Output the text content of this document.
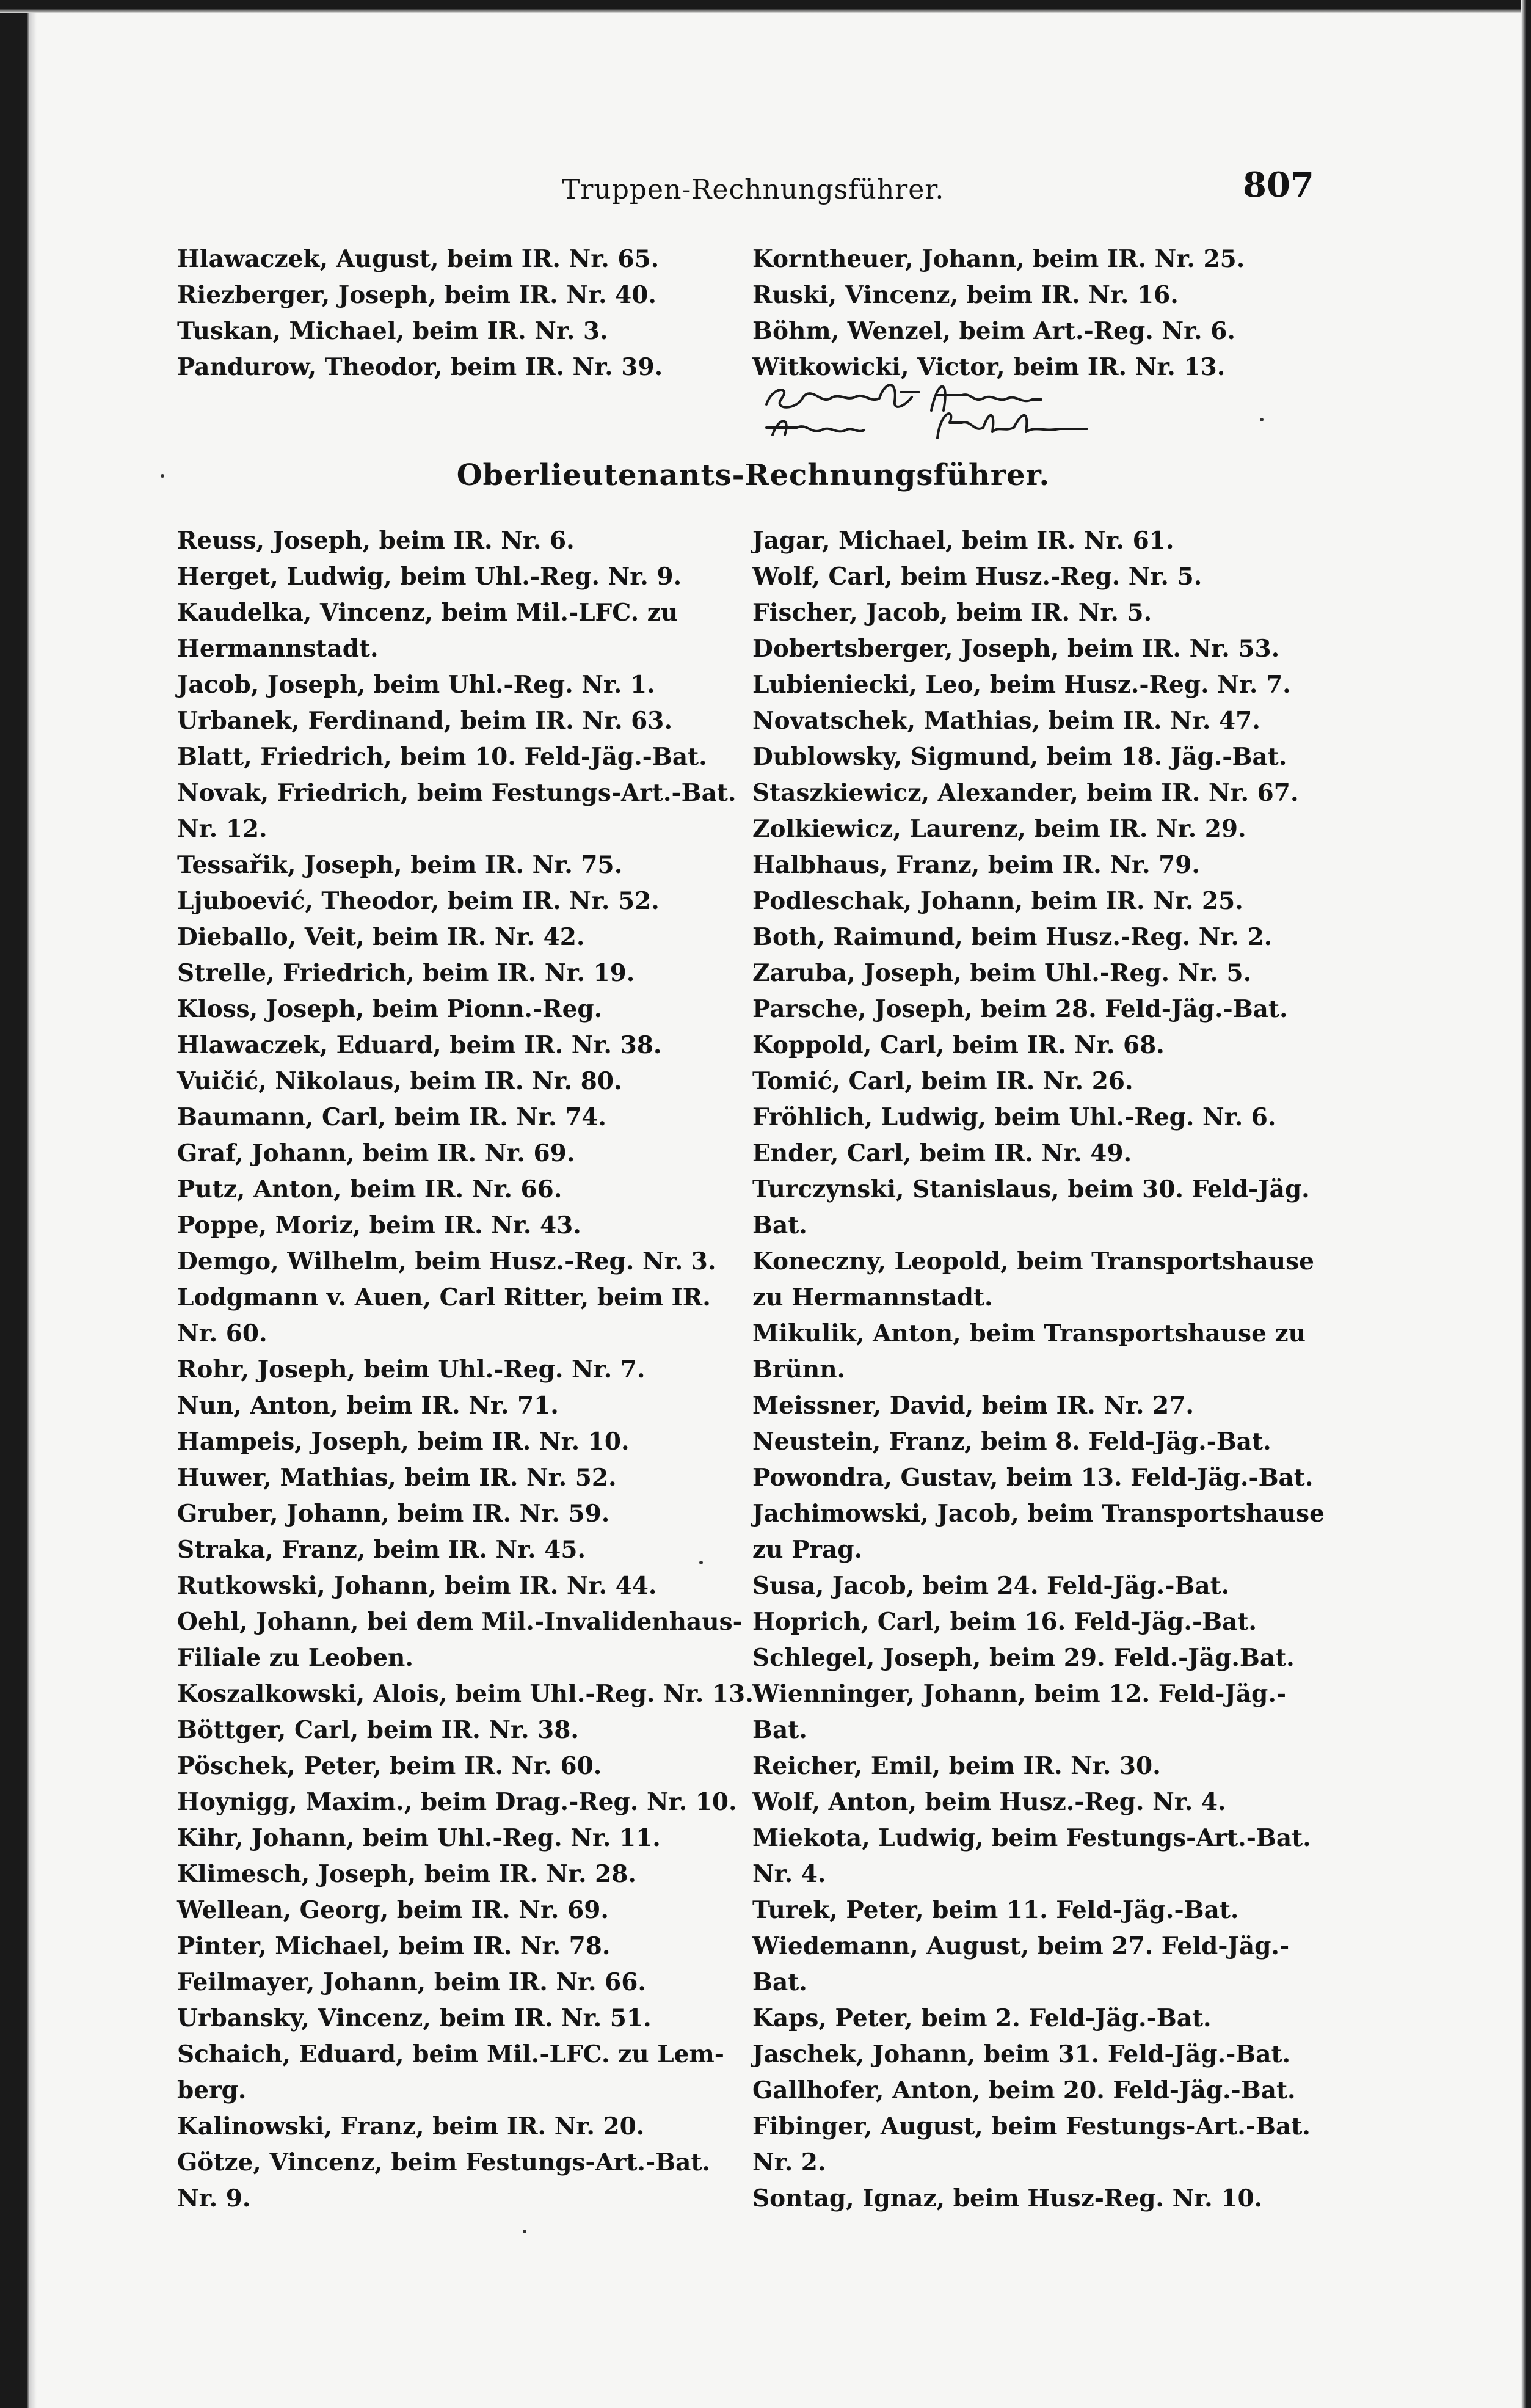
Truppen-Rechnungsführer.	807

Hlawaczek, August, beim IR. Nr. 65.

Riezberger, Joseph, beim IR. Nr. 40.

Tuskan, Michael, beim IR. Nr. 3.

Pandurow, Theodor, beim IR. Nr. 39.

Korntheuer, Johann, beim IR. Nr. 25.

Ruski, Vincenz, beim IR. Nr. 16.

Böhm, Wenzel, beim Art.-Reg. Nr. 6.

Witkowicki, Victor, beim IR. Nr. 13.

Oberlieutenants-Rechnungsführer.

Reuss, Joseph, beim IR. Nr. 6.

Herget, Ludwig, beim Uhl.-Reg. Nr. 9.

Kaudelka, Vincenz, beim Mil.-LFC. zu

Hermannstadt.

Jacob, Joseph, beim Uhl.-Reg. Nr. 1.

Urbanek, Ferdinand, beim IR. Nr. 63.

Blatt, Friedrich, beim 10. Feld-Jäg.-Bat.

Novak, Friedrich, beim Festungs-Art.-Bat.

Nr. 12.

Tessařik, Joseph, beim IR. Nr. 75.

Ljuboević, Theodor, beim IR. Nr. 52.

Dieballo, Veit, beim IR. Nr. 42.

Strelle, Friedrich, beim IR. Nr. 19.

Kloss, Joseph, beim Pionn.-Reg.

Hlawaczek, Eduard, beim IR. Nr. 38.

Vuičić, Nikolaus, beim IR. Nr. 80.

Baumann, Carl, beim IR. Nr. 74.

Graf, Johann, beim IR. Nr. 69.

Putz, Anton, beim IR. Nr. 66.

Poppe, Moriz, beim IR. Nr. 43.

Demgo, Wilhelm, beim Husz.-Reg. Nr. 3.

Lodgmann v. Auen, Carl Ritter, beim IR.

Nr. 60.

Rohr, Joseph, beim Uhl.-Reg. Nr. 7.

Nun, Anton, beim IR. Nr. 71.

Hampeis, Joseph, beim IR. Nr. 10.

Huwer, Mathias, beim IR. Nr. 52.

Gruber, Johann, beim IR. Nr. 59.

Straka, Franz, beim IR. Nr. 45.

Rutkowski, Johann, beim IR. Nr. 44.

Oehl, Johann, bei dem Mil.-Invalidenhaus-

Filiale zu Leoben.

Koszalkowski, Alois, beim Uhl.-Reg. Nr. 13.

Böttger, Carl, beim IR. Nr. 38.

Pöschek, Peter, beim IR. Nr. 60.

Hoynigg, Maxim., beim Drag.-Reg. Nr. 10.

Kihr, Johann, beim Uhl.-Reg. Nr. 11.

Klimesch, Joseph, beim IR. Nr. 28.

Wellean, Georg, beim IR. Nr. 69.

Pinter, Michael, beim IR. Nr. 78.

Feilmayer, Johann, beim IR. Nr. 66.

Urbansky, Vincenz, beim IR. Nr. 51.

Schaich, Eduard, beim Mil.-LFC. zu Lem-

berg.

Kalinowski, Franz, beim IR. Nr. 20.

Götze, Vincenz, beim Festungs-Art.-Bat.

Nr. 9.

Jagar, Michael, beim IR. Nr. 61.

Wolf, Carl, beim Husz.-Reg. Nr. 5.

Fischer, Jacob, beim IR. Nr. 5.

Dobertsberger, Joseph, beim IR. Nr. 53.

Lubieniecki, Leo, beim Husz.-Reg. Nr. 7.

Novatschek, Mathias, beim IR. Nr. 47.

Dublowsky, Sigmund, beim 18. Jäg.-Bat.

Staszkiewicz, Alexander, beim IR. Nr. 67.

Zolkiewicz, Laurenz, beim IR. Nr. 29.

Halbhaus, Franz, beim IR. Nr. 79.

Podleschak, Johann, beim IR. Nr. 25.

Both, Raimund, beim Husz.-Reg. Nr. 2.

Zaruba, Joseph, beim Uhl.-Reg. Nr. 5.

Parsche, Joseph, beim 28. Feld-Jäg.-Bat.

Koppold, Carl, beim IR. Nr. 68.

Tomić, Carl, beim IR. Nr. 26.

Fröhlich, Ludwig, beim Uhl.-Reg. Nr. 6.

Ender, Carl, beim IR. Nr. 49.

Turczynski, Stanislaus, beim 30. Feld-Jäg.

Bat.

Koneczny, Leopold, beim Transportshause

zu Hermannstadt.

Mikulik, Anton, beim Transportshause zu

Brünn.

Meissner, David, beim IR. Nr. 27.

Neustein, Franz, beim 8. Feld-Jäg.-Bat.

Powondra, Gustav, beim 13. Feld-Jäg.-Bat.

Jachimowski, Jacob, beim Transportshause

zu Prag.

Susa, Jacob, beim 24. Feld-Jäg.-Bat.

Hoprich, Carl, beim 16. Feld-Jäg.-Bat.

Schlegel, Joseph, beim 29. Feld.-Jäg.Bat.

Wienninger, Johann, beim 12. Feld-Jäg.-

Bat.

Reicher, Emil, beim IR. Nr. 30.

Wolf, Anton, beim Husz.-Reg. Nr. 4.

Miekota, Ludwig, beim Festungs-Art.-Bat.

Nr. 4.

Turek, Peter, beim 11. Feld-Jäg.-Bat.

Wiedemann, August, beim 27. Feld-Jäg.-

Bat.

Kaps, Peter, beim 2. Feld-Jäg.-Bat.

Jaschek, Johann, beim 31. Feld-Jäg.-Bat.

Gallhofer, Anton, beim 20. Feld-Jäg.-Bat.

Fibinger, August, beim Festungs-Art.-Bat.

Nr. 2.

Sontag, Ignaz, beim Husz-Reg. Nr. 10.
